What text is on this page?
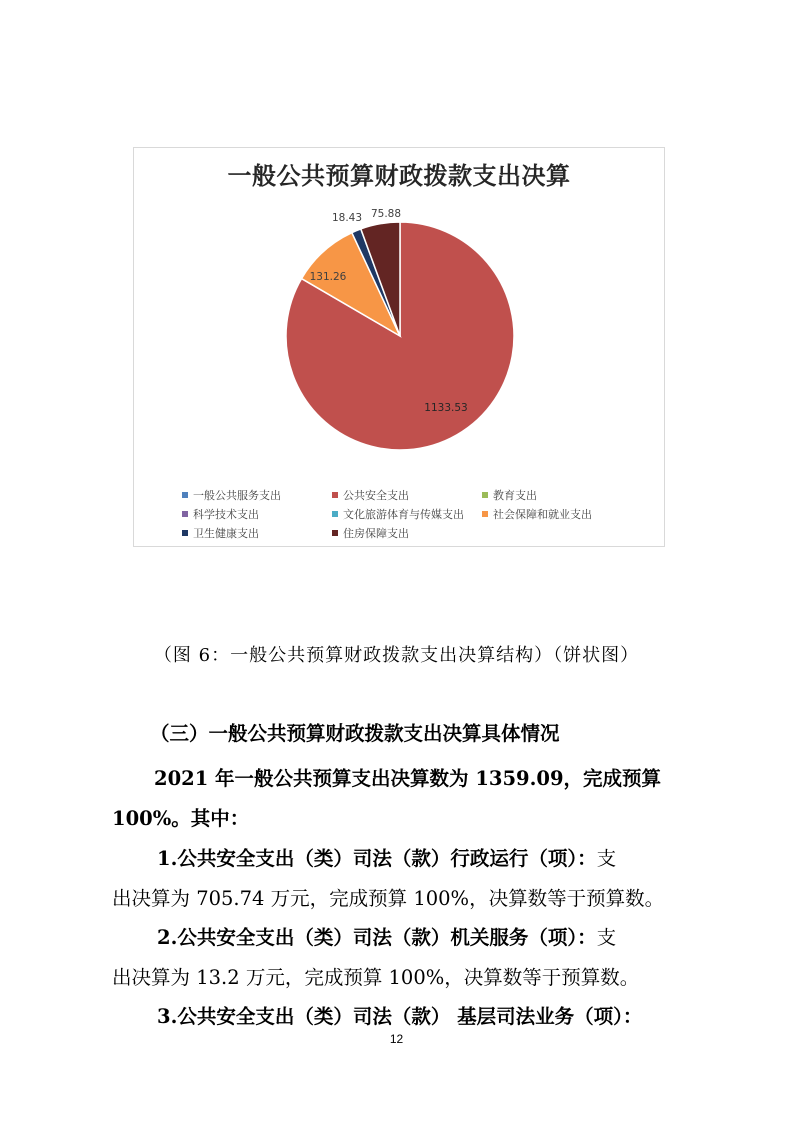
一般公共预算财政拨款支出决算
1133.53
131.26
18.43 75.88
一般公共服务支出	公共安全支出	教育支出
科学技术支出	文化旅游体育与传媒支出	社会保障和就业支出
卫生健康支出	住房保障支出
（图 6：一般公共预算财政拨款支出决算结构）（饼状图）
（三）一般公共预算财政拨款支出决算具体情况
2021 年一般公共预算支出决算数为 1359.09，完成预算
100%。其中：
1.公共安全支出（类）司法（款）行政运行（项）：支
出决算为 705.74 万元，完成预算 100%，决算数等于预算数。
2.公共安全支出（类）司法（款）机关服务（项）：支
出决算为 13.2 万元，完成预算 100%，决算数等于预算数。
3.公共安全支出（类）司法（款） 基层司法业务（项）：
12
